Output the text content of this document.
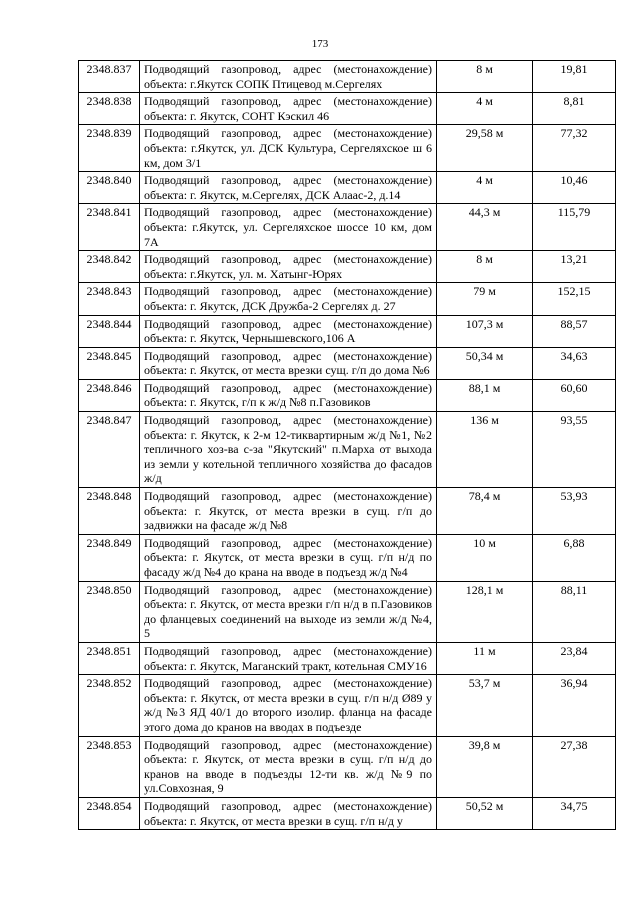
173
2348.837	Подводящий газопровод, адрес (местонахождение) объекта: г.Якутск СОПК Птицевод м.Сергелях	8 м	19,81
2348.838	Подводящий газопровод, адрес (местонахождение) объекта: г. Якутск, СОНТ Кэскил 46	4 м	8,81
2348.839	Подводящий газопровод, адрес (местонахождение) объекта: г.Якутск, ул. ДСК Культура, Сергеляхское ш 6 км, дом 3/1	29,58 м	77,32
2348.840	Подводящий газопровод, адрес (местонахождение) объекта: г. Якутск, м.Сергелях, ДСК Алаас-2, д.14	4 м	10,46
2348.841	Подводящий газопровод, адрес (местонахождение) объекта: г.Якутск, ул. Сергеляхское шоссе 10 км, дом 7А	44,3 м	115,79
2348.842	Подводящий газопровод, адрес (местонахождение) объекта: г.Якутск, ул. м. Хатынг-Юрях	8 м	13,21
2348.843	Подводящий газопровод, адрес (местонахождение) объекта: г. Якутск, ДСК Дружба-2 Сергелях д. 27	79 м	152,15
2348.844	Подводящий газопровод, адрес (местонахождение) объекта: г. Якутск, Чернышевского,106 А	107,3 м	88,57
2348.845	Подводящий газопровод, адрес (местонахождение) объекта: г. Якутск, от места врезки сущ. г/п до дома №6	50,34 м	34,63
2348.846	Подводящий газопровод, адрес (местонахождение) объекта: г. Якутск, г/п к ж/д №8 п.Газовиков	88,1 м	60,60
2348.847	Подводящий газопровод, адрес (местонахождение) объекта: г. Якутск, к 2-м 12-тиквартирным ж/д №1, №2 тепличного хоз-ва с-за "Якутский" п.Марха от выхода из земли у котельной тепличного хозяйства до фасадов ж/д	136 м	93,55
2348.848	Подводящий газопровод, адрес (местонахождение) объекта: г. Якутск, от места врезки в сущ. г/п до задвижки на фасаде ж/д №8	78,4 м	53,93
2348.849	Подводящий газопровод, адрес (местонахождение) объекта: г. Якутск, от места врезки в сущ. г/п н/д по фасаду ж/д №4 до крана на вводе в подъезд ж/д №4	10 м	6,88
2348.850	Подводящий газопровод, адрес (местонахождение) объекта: г. Якутск, от места врезки г/п н/д в п.Газовиков до фланцевых соединений на выходе из земли ж/д №4, 5	128,1 м	88,11
2348.851	Подводящий газопровод, адрес (местонахождение) объекта: г. Якутск, Маганский тракт, котельная СМУ16	11 м	23,84
2348.852	Подводящий газопровод, адрес (местонахождение) объекта: г. Якутск, от места врезки в сущ. г/п н/д Ø89 у ж/д №3 ЯД 40/1 до второго изолир. фланца на фасаде этого дома до кранов на вводах в подъезде	53,7 м	36,94
2348.853	Подводящий газопровод, адрес (местонахождение) объекта: г. Якутск, от места врезки в сущ. г/п н/д до кранов на вводе в подъезды 12-ти кв. ж/д №9 по ул.Совхозная, 9	39,8 м	27,38
2348.854	Подводящий газопровод, адрес (местонахождение) объекта: г. Якутск, от места врезки в сущ. г/п н/д у	50,52 м	34,75
